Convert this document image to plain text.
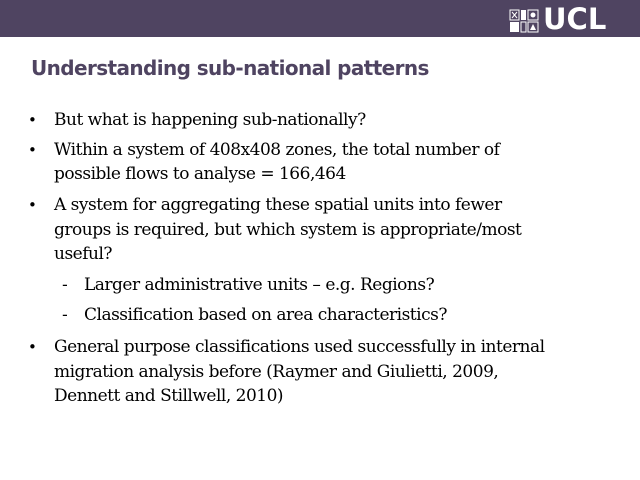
UCL
Understanding sub-national patterns
• But what is happening sub-nationally?
• Within a system of 408x408 zones, the total number of
possible flows to analyse = 166,464
• A system for aggregating these spatial units into fewer
groups is required, but which system is appropriate/most
useful?
- Larger administrative units – e.g. Regions?
- Classification based on area characteristics?
• General purpose classifications used successfully in internal
migration analysis before (Raymer and Giulietti, 2009,
Dennett and Stillwell, 2010)
